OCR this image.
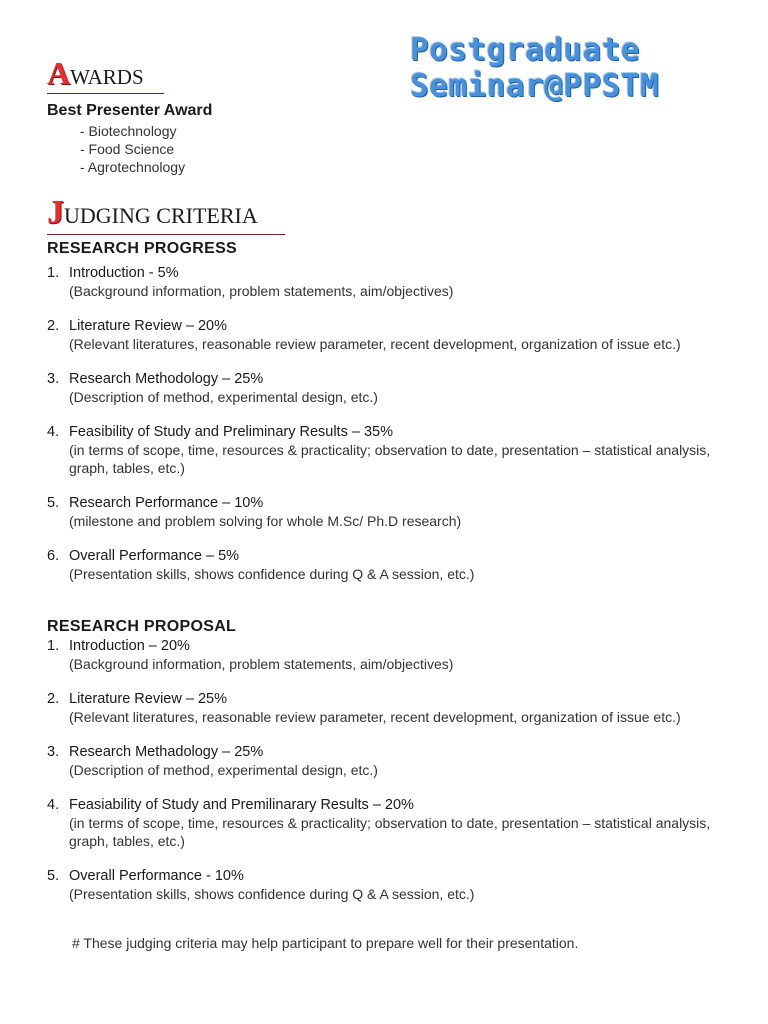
Postgraduate Seminar@PPSTM
AWARDS
Best Presenter Award
- Biotechnology
- Food Science
- Agrotechnology
JUDGING CRITERIA
RESEARCH PROGRESS
1. Introduction - 5%
(Background information, problem statements, aim/objectives)
2. Literature Review – 20%
(Relevant literatures, reasonable review parameter, recent development, organization of issue etc.)
3. Research Methodology – 25%
(Description of method, experimental design, etc.)
4. Feasibility of Study and Preliminary Results – 35%
(in terms of scope, time, resources & practicality; observation to date, presentation – statistical analysis, graph, tables, etc.)
5. Research Performance – 10%
(milestone and problem solving for whole M.Sc/ Ph.D research)
6. Overall Performance – 5%
(Presentation skills, shows confidence during Q & A session, etc.)
RESEARCH PROPOSAL
1. Introduction – 20%
(Background information, problem statements, aim/objectives)
2. Literature Review – 25%
(Relevant literatures, reasonable review parameter, recent development, organization of issue etc.)
3. Research Methadology – 25%
(Description of method, experimental design, etc.)
4. Feasiability of Study and Premilinarary Results – 20%
(in terms of scope, time, resources & practicality; observation to date, presentation – statistical analysis, graph, tables, etc.)
5. Overall Performance - 10%
(Presentation skills, shows confidence during Q & A session, etc.)
# These judging criteria may help participant to prepare well for their presentation.
